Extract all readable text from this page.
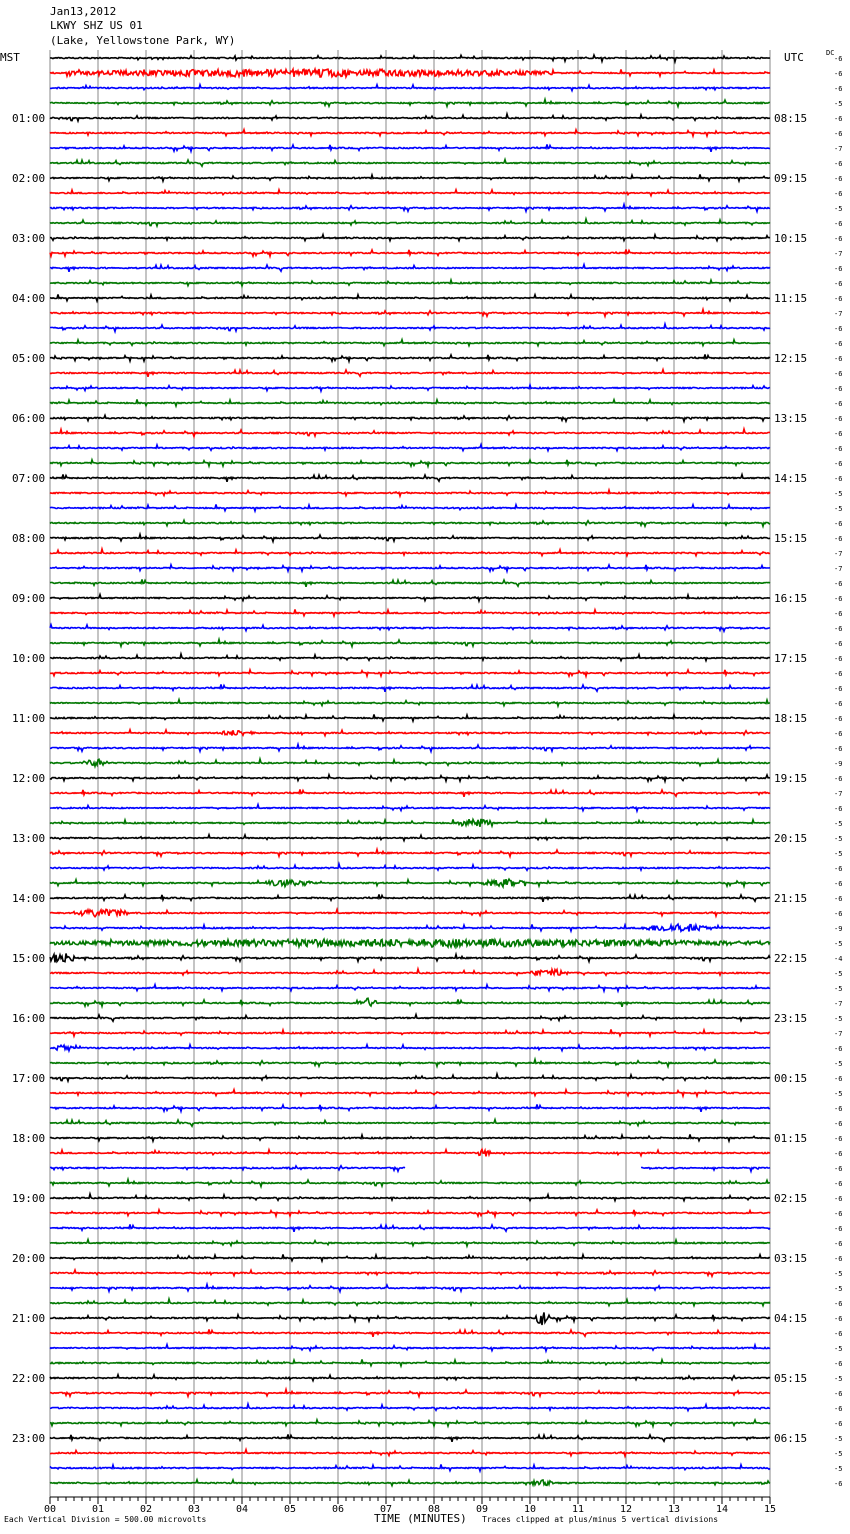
Jan13,2012
LKWY SHZ US 01
(Lake, Yellowstone Park, WY)
MST	UTC	DC
01:00
02:00
03:00
04:00
05:00
06:00
07:00
08:00
09:00
10:00
11:00
12:00
13:00
14:00
15:00
16:00
17:00
18:00
19:00
20:00
21:00
22:00
23:00
08:15
09:15
10:15
11:15
12:15
13:15
14:15
15:15
16:15
17:15
18:15
19:15
20:15
21:15
22:15
23:15
00:15
01:15
02:15
03:15
04:15
05:15
06:15
-6
-6
-6
-5
-6
-6
-7
-6
-6
-6
-5
-6
-6
-7
-6
-6
-6
-7
-6
-6
-6
-6
-6
-6
-6
-6
-6
-6
-6
-5
-5
-6
-6
-7
-7
-6
-6
-6
-6
-6
-6
-6
-6
-6
-6
-6
-6
-9
-6
-7
-6
-5
-5
-5
-6
-6
-6
-6
-9
-5
-4
-5
-5
-7
-5
-7
-6
-5
-6
-5
-6
-6
-6
-6
-6
-6
-6
-6
-6
-6
-6
-5
-5
-6
-6
-6
-5
-6
-5
-6
-6
-6
-5
-5
-5
-6
00	01	02	03	04	05	06	07	08	09	10	11	12	13	14	15
Each Vertical Division = 500.00 microvolts	TIME (MINUTES) Traces clipped at plus/minus 5 vertical divisions
